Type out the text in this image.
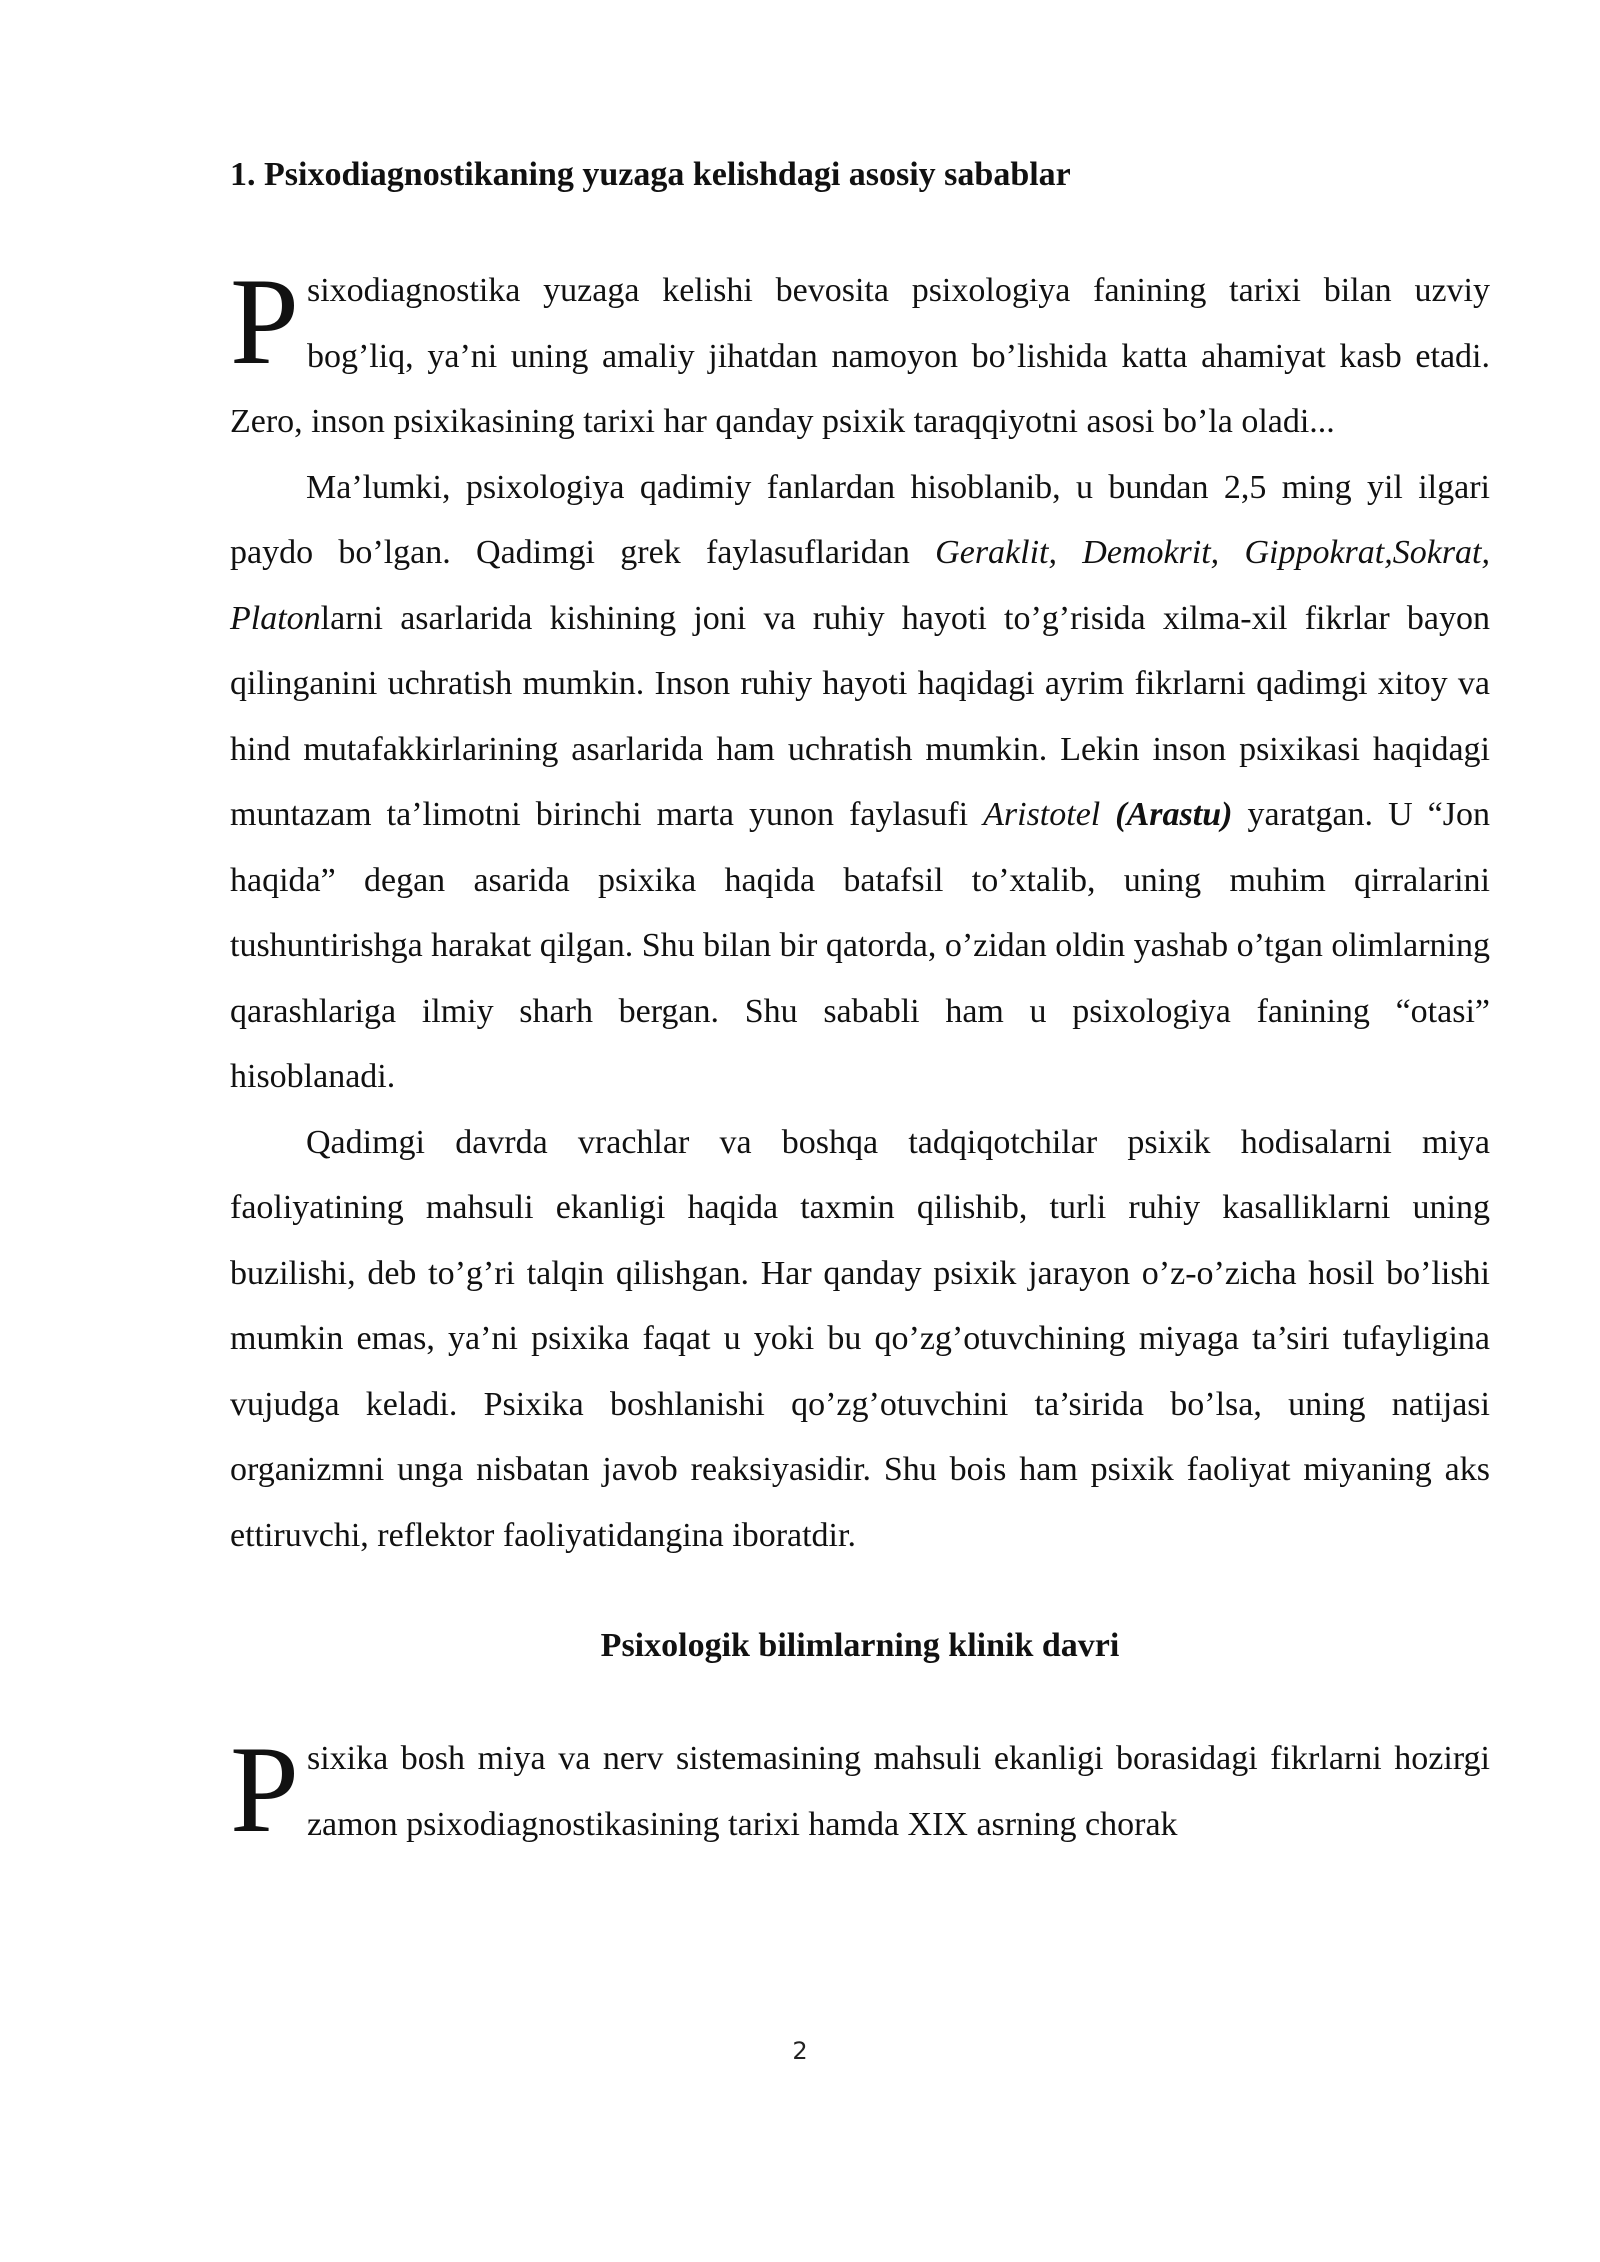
1. Psixodiagnostikaning yuzaga kelishdagi asosiy sabablar

Psixodiagnostika yuzaga kelishi bevosita psixologiya fanining tarixi bilan uzviy bog’liq, ya’ni uning amaliy jihatdan namoyon bo’lishida katta ahamiyat kasb etadi. Zero, inson psixikasining tarixi har qanday psixik taraqqiyotni asosi bo’la oladi...

Ma’lumki, psixologiya qadimiy fanlardan hisoblanib, u bundan 2,5 ming yil ilgari paydo bo’lgan. Qadimgi grek faylasuflaridan Geraklit, Demokrit, Gippokrat,Sokrat, Platonlarni asarlarida kishining joni va ruhiy hayoti to’g’risida xilma-xil fikrlar bayon qilinganini uchratish mumkin. Inson ruhiy hayoti haqidagi ayrim fikrlarni qadimgi xitoy va hind mutafakkirlarining asarlarida ham uchratish mumkin. Lekin inson psixikasi haqidagi muntazam ta’limotni birinchi marta yunon faylasufi Aristotel (Arastu) yaratgan. U “Jon haqida” degan asarida psixika haqida batafsil to’xtalib, uning muhim qirralarini tushuntirishga harakat qilgan. Shu bilan bir qatorda, o’zidan oldin yashab o’tgan olimlarning qarashlariga ilmiy sharh bergan. Shu sababli ham u psixologiya fanining “otasi” hisoblanadi.

Qadimgi davrda vrachlar va boshqa tadqiqotchilar psixik hodisalarni miya faoliyatining mahsuli ekanligi haqida taxmin qilishib, turli ruhiy kasalliklarni uning buzilishi, deb to’g’ri talqin qilishgan. Har qanday psixik jarayon o’z-o’zicha hosil bo’lishi mumkin emas, ya’ni psixika faqat u yoki bu qo’zg’otuvchining miyaga ta’siri tufayligina vujudga keladi. Psixika boshlanishi qo’zg’otuvchini ta’sirida bo’lsa, uning natijasi organizmni unga nisbatan javob reaksiyasidir. Shu bois ham psixik faoliyat miyaning aks ettiruvchi, reflektor faoliyatidangina iboratdir.

Psixologik bilimlarning klinik davri

Psixika bosh miya va nerv sistemasining mahsuli ekanligi borasidagi fikrlarni hozirgi zamon psixodiagnostikasining tarixi hamda XIX asrning chorak

2
